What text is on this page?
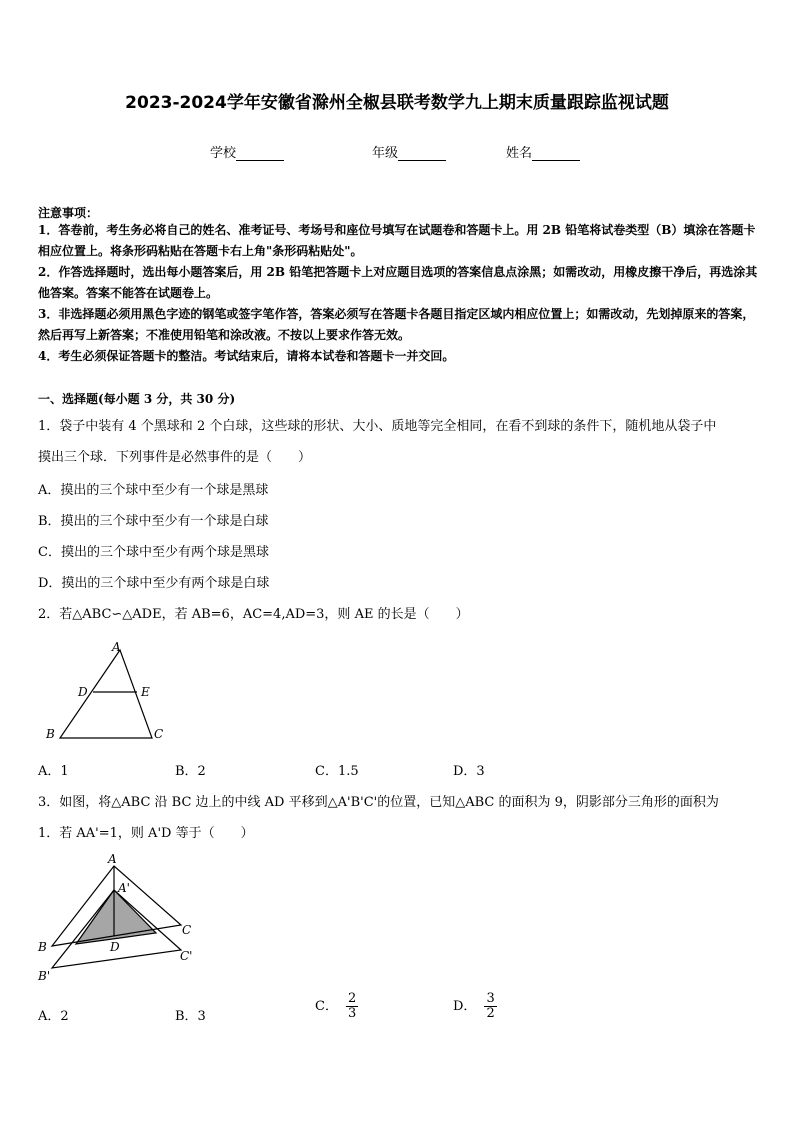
2023-2024学年安徽省滁州全椒县联考数学九上期末质量跟踪监视试题
学校	年级	姓名
注意事项：
1．答卷前，考生务必将自己的姓名、准考证号、考场号和座位号填写在试题卷和答题卡上。用 2B 铅笔将试卷类型（B）填涂在答题卡相应位置上。将条形码粘贴在答题卡右上角"条形码粘贴处"。
2．作答选择题时，选出每小题答案后，用 2B 铅笔把答题卡上对应题目选项的答案信息点涂黑；如需改动，用橡皮擦干净后，再选涂其他答案。答案不能答在试题卷上。
3．非选择题必须用黑色字迹的钢笔或签字笔作答，答案必须写在答题卡各题目指定区域内相应位置上；如需改动，先划掉原来的答案，然后再写上新答案；不准使用铅笔和涂改液。不按以上要求作答无效。
4．考生必须保证答题卡的整洁。考试结束后，请将本试卷和答题卡一并交回。
一、选择题(每小题 3 分，共 30 分)
1．袋子中装有 4 个黑球和 2 个白球，这些球的形状、大小、质地等完全相同，在看不到球的条件下，随机地从袋子中
摸出三个球．下列事件是必然事件的是（　　）
A．摸出的三个球中至少有一个球是黑球
B．摸出的三个球中至少有一个球是白球
C．摸出的三个球中至少有两个球是黑球
D．摸出的三个球中至少有两个球是白球
2．若△ABC∽△ADE，若 AB=6，AC=4,AD=3，则 AE 的长是（　　）
A
D	E
B	C
A．1	B．2	C．1.5	D．3
3．如图，将△ABC 沿 BC 边上的中线 AD 平移到△A'B'C'的位置，已知△ABC 的面积为 9，阴影部分三角形的面积为
1．若 AA'=1，则 A'D 等于（　　）
A
A'
B
B'
C
C'
D
A．2	B．3
C． $\frac{2}{3}$	D． $\frac{3}{2}$
